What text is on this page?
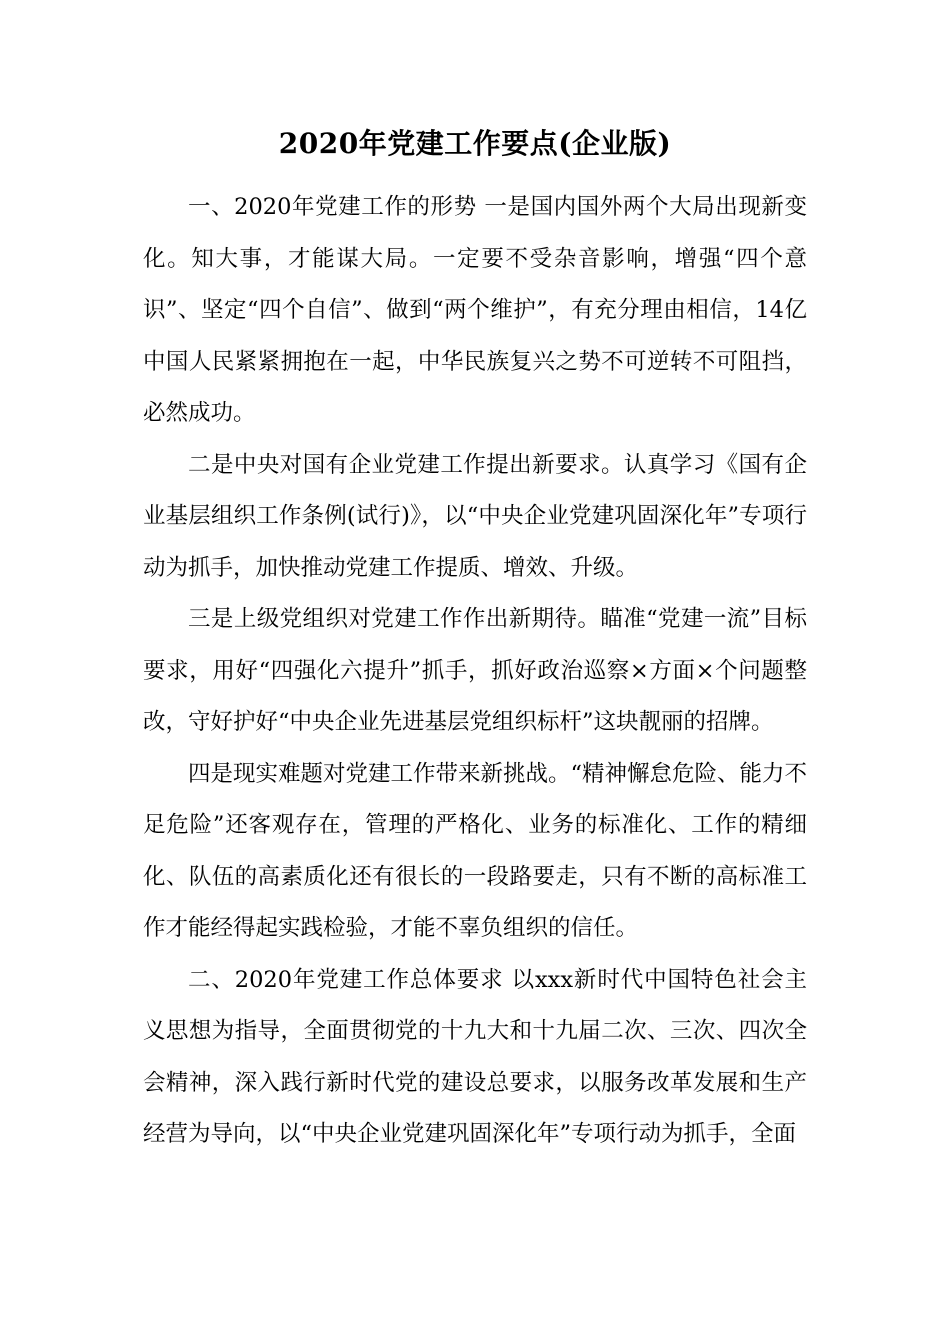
2020年党建工作要点(企业版)

一、2020年党建工作的形势 一是国内国外两个大局出现新变化。知大事，才能谋大局。一定要不受杂音影响，增强“四个意识”、坚定“四个自信”、做到“两个维护”，有充分理由相信，14亿中国人民紧紧拥抱在一起，中华民族复兴之势不可逆转不可阻挡，必然成功。

二是中央对国有企业党建工作提出新要求。认真学习《国有企业基层组织工作条例(试行)》，以“中央企业党建巩固深化年”专项行动为抓手，加快推动党建工作提质、增效、升级。

三是上级党组织对党建工作作出新期待。瞄准“党建一流”目标要求，用好“四强化六提升”抓手，抓好政治巡察×方面×个问题整改，守好护好“中央企业先进基层党组织标杆”这块靓丽的招牌。

四是现实难题对党建工作带来新挑战。“精神懈怠危险、能力不足危险”还客观存在，管理的严格化、业务的标准化、工作的精细化、队伍的高素质化还有很长的一段路要走，只有不断的高标准工作才能经得起实践检验，才能不辜负组织的信任。

二、2020年党建工作总体要求 以xxx新时代中国特色社会主义思想为指导，全面贯彻党的十九大和十九届二次、三次、四次全会精神，深入践行新时代党的建设总要求，以服务改革发展和生产经营为导向，以“中央企业党建巩固深化年”专项行动为抓手，全面
